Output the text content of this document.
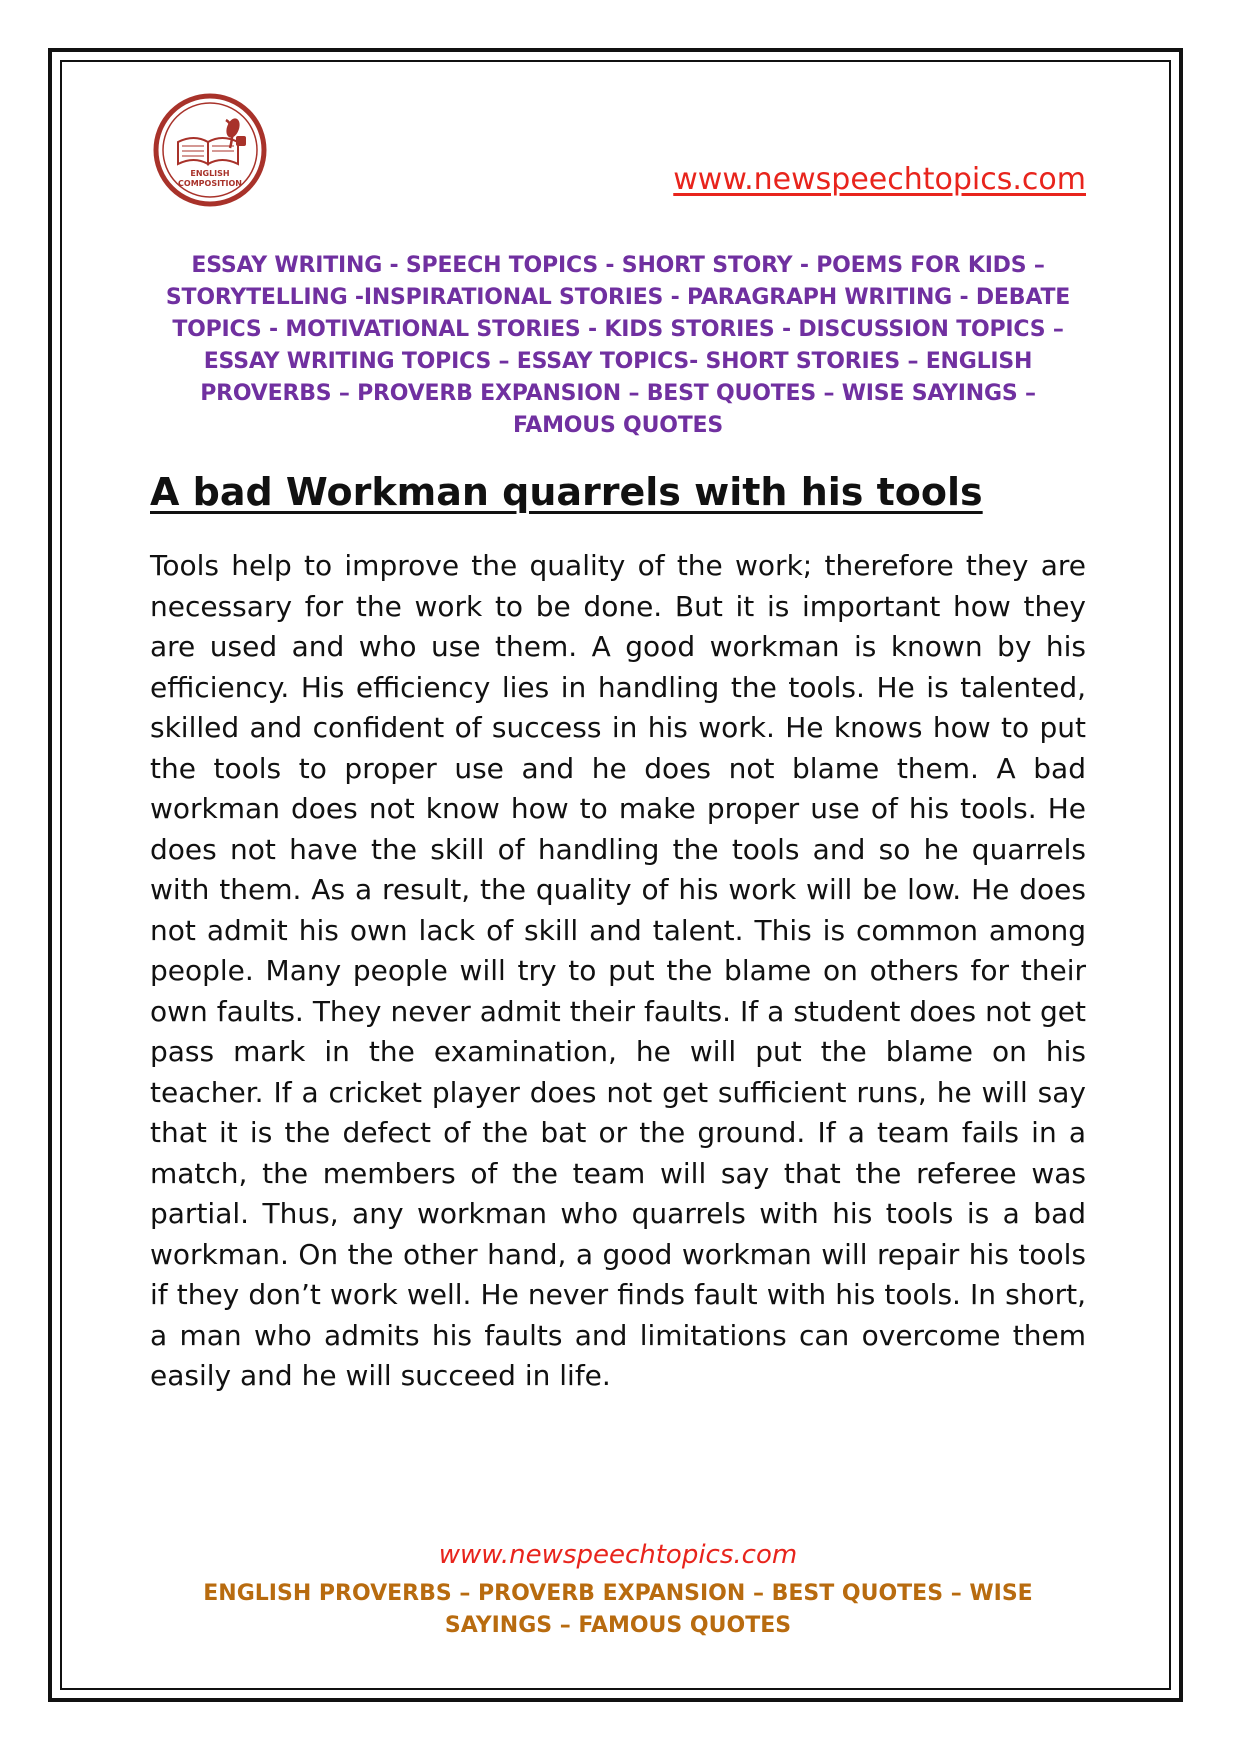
ENGLISH
COMPOSITION	www.newspeechtopics.com
ESSAY WRITING - SPEECH TOPICS - SHORT STORY - POEMS FOR KIDS – STORYTELLING -INSPIRATIONAL STORIES - PARAGRAPH WRITING - DEBATE TOPICS - MOTIVATIONAL STORIES - KIDS STORIES - DISCUSSION TOPICS – ESSAY WRITING TOPICS – ESSAY TOPICS- SHORT STORIES – ENGLISH PROVERBS – PROVERB EXPANSION – BEST QUOTES – WISE SAYINGS – FAMOUS QUOTES
A bad Workman quarrels with his tools
Tools help to improve the quality of the work; therefore they are necessary for the work to be done. But it is important how they are used and who use them. A good workman is known by his efficiency. His efficiency lies in handling the tools. He is talented, skilled and confident of success in his work. He knows how to put the tools to proper use and he does not blame them. A bad workman does not know how to make proper use of his tools. He does not have the skill of handling the tools and so he quarrels with them. As a result, the quality of his work will be low. He does not admit his own lack of skill and talent. This is common among people. Many people will try to put the blame on others for their own faults. They never admit their faults. If a student does not get pass mark in the examination, he will put the blame on his teacher. If a cricket player does not get sufficient runs, he will say that it is the defect of the bat or the ground. If a team fails in a match, the members of the team will say that the referee was partial. Thus, any workman who quarrels with his tools is a bad workman. On the other hand, a good workman will repair his tools if they don’t work well. He never finds fault with his tools. In short, a man who admits his faults and limitations can overcome them easily and he will succeed in life.
www.newspeechtopics.com
ENGLISH PROVERBS – PROVERB EXPANSION – BEST QUOTES – WISE SAYINGS – FAMOUS QUOTES
